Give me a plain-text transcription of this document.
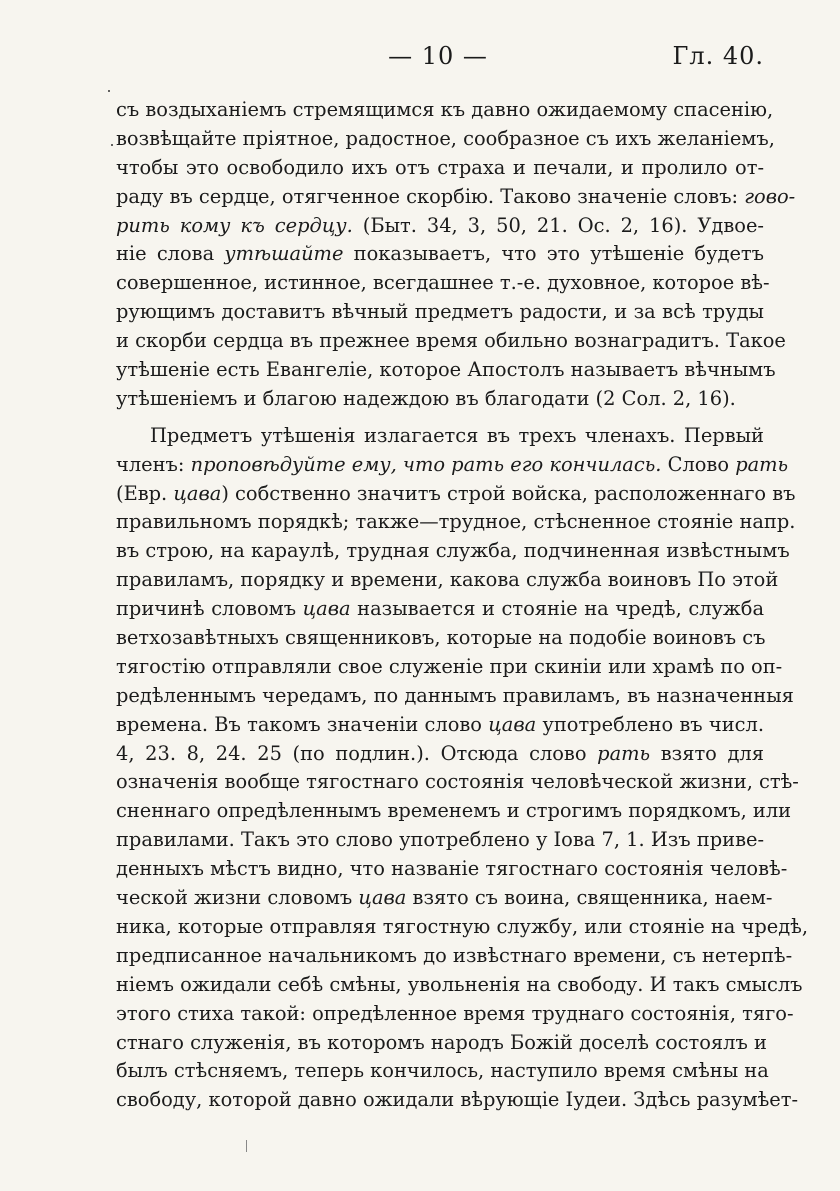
— 10 —	Гл. 40.
съ воздыханіемъ стремящимся къ давно ожидаемому спасенію,
возвѣщайте пріятное, радостное, сообразное съ ихъ желаніемъ,
чтобы это освободило ихъ отъ страха и печали, и пролило от-
раду въ сердце, отягченное скорбію. Таково значеніе словъ: гово-
рить кому къ сердцу. (Быт. 34, 3, 50, 21. Ос. 2, 16). Удвое-
ніе слова утѣшайте показываетъ, что это утѣшеніе будетъ
совершенное, истинное, всегдашнее т.-е. духовное, которое вѣ-
рующимъ доставитъ вѣчный предметъ радости, и за всѣ труды
и скорби сердца въ прежнее время обильно вознаградитъ. Такое
утѣшеніе есть Евангеліе, которое Апостолъ называетъ вѣчнымъ
утѣшеніемъ и благою надеждою въ благодати (2 Сол. 2, 16).
Предметъ утѣшенія излагается въ трехъ членахъ. Первый
членъ: проповѣдуйте ему, что рать его кончилась. Слово рать
(Евр. цава) собственно значитъ строй войска, расположеннаго въ
правильномъ порядкѣ; также—трудное, стѣсненное стояніе напр.
въ строю, на караулѣ, трудная служба, подчиненная извѣстнымъ
правиламъ, порядку и времени, какова служба воиновъ По этой
причинѣ словомъ цава называется и стояніе на чредѣ, служба
ветхозавѣтныхъ священниковъ, которые на подобіе воиновъ съ
тягостію отправляли свое служеніе при скиніи или храмѣ по оп-
редѣленнымъ чередамъ, по даннымъ правиламъ, въ назначенныя
времена. Въ такомъ значеніи слово цава употреблено въ числ.
4, 23. 8, 24. 25 (по подлин.). Отсюда слово рать взято для
означенія вообще тягостнаго состоянія человѣческой жизни, стѣ-
сненнаго опредѣленнымъ временемъ и строгимъ порядкомъ, или
правилами. Такъ это слово употреблено у Іова 7, 1. Изъ приве-
денныхъ мѣстъ видно, что названіе тягостнаго состоянія человѣ-
ческой жизни словомъ цава взято съ воина, священника, наем-
ника, которые отправляя тягостную службу, или стояніе на чредѣ,
предписанное начальникомъ до извѣстнаго времени, съ нетерпѣ-
ніемъ ожидали себѣ смѣны, увольненія на свободу. И такъ смыслъ
этого стиха такой: опредѣленное время труднаго состоянія, тяго-
стнаго служенія, въ которомъ народъ Божій доселѣ состоялъ и
былъ стѣсняемъ, теперь кончилось, наступило время смѣны на
свободу, которой давно ожидали вѣрующіе Іудеи. Здѣсь разумѣет-
